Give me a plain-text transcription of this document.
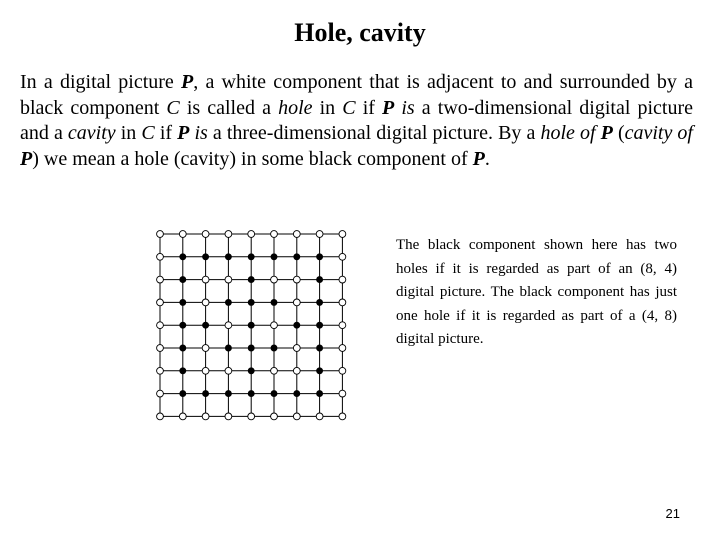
Hole, cavity

In a digital picture P, a white component that is adjacent to and surrounded by a black component C is called a hole in C if P is a two-dimensional digital picture and a cavity in C if P is a three-dimensional digital picture. By a hole of P (cavity of P) we mean a hole (cavity) in some black component of P.

The black component shown here has two holes if it is regarded as part of an (8, 4) digital picture. The black component has just one hole if it is regarded as part of a (4, 8) digital picture.

21
